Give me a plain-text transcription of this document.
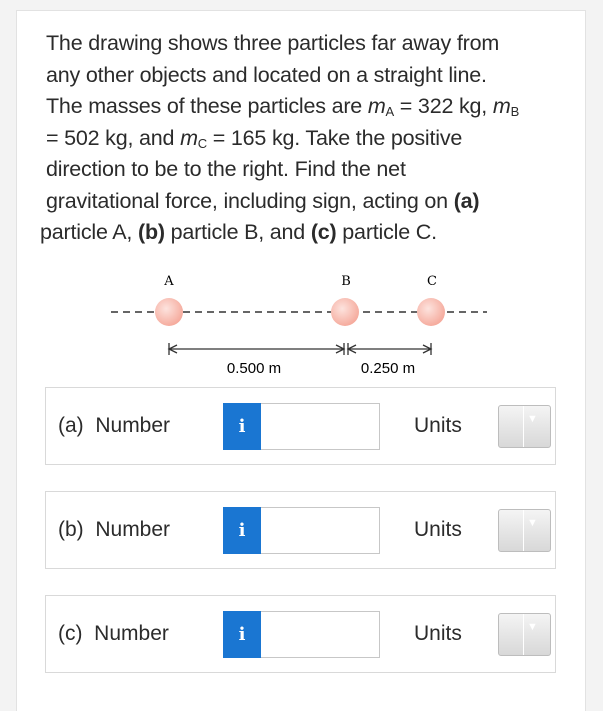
The drawing shows three particles far away from
any other objects and located on a straight line.
The masses of these particles are $m_A = 322$ kg, $m_B$
= 502 kg, and $m_C = 165$ kg. Take the positive
direction to be to the right. Find the net
gravitational force, including sign, acting on (a)
particle A, (b) particle B, and (c) particle C.

A	B	C
0.500 m	0.250 m
(a) Number	i	Units	▼
(b) Number	i	Units	▼
(c) Number	i	Units	▼
